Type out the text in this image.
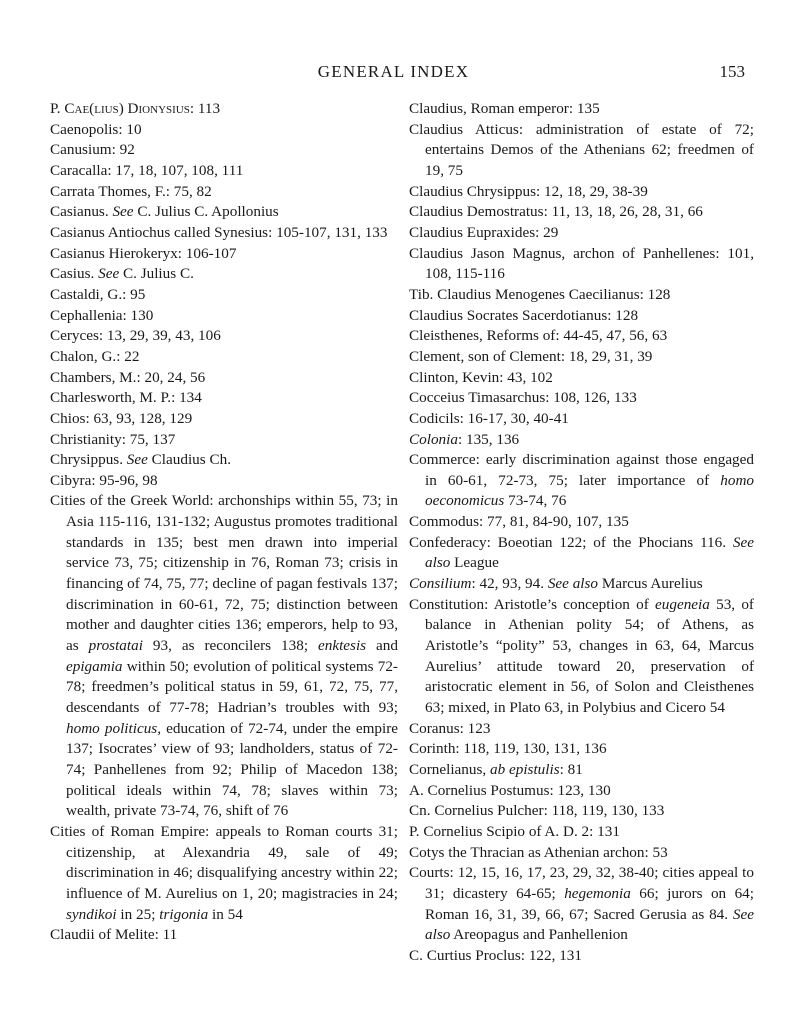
GENERAL INDEX	153

P. Cae(lius) Dionysius: 113

Caenopolis: 10

Canusium: 92

Caracalla: 17, 18, 107, 108, 111

Carrata Thomes, F.: 75, 82

Casianus. See C. Julius C. Apollonius

Casianus Antiochus called Synesius: 105-107, 131, 133

Casianus Hierokeryx: 106-107

Casius. See C. Julius C.

Castaldi, G.: 95

Cephallenia: 130

Ceryces: 13, 29, 39, 43, 106

Chalon, G.: 22

Chambers, M.: 20, 24, 56

Charlesworth, M. P.: 134

Chios: 63, 93, 128, 129

Christianity: 75, 137

Chrysippus. See Claudius Ch.

Cibyra: 95-96, 98

Cities of the Greek World: archonships within 55, 73; in Asia 115-116, 131-132; Augustus promotes traditional standards in 135; best men drawn into imperial service 73, 75; citizenship in 76, Roman 73; crisis in financing of 74, 75, 77; decline of pagan festivals 137; discrimination in 60-61, 72, 75; distinction between mother and daughter cities 136; emperors, help to 93, as prostatai 93, as reconcilers 138; enktesis and epigamia within 50; evolution of political systems 72-78; freedmen’s political status in 59, 61, 72, 75, 77, descendants of 77-78; Hadrian’s troubles with 93; homo politicus, education of 72-74, under the empire 137; Isocrates’ view of 93; landholders, status of 72-74; Panhellenes from 92; Philip of Macedon 138; political ideals within 74, 78; slaves within 73; wealth, private 73-74, 76, shift of 76

Cities of Roman Empire: appeals to Roman courts 31; citizenship, at Alexandria 49, sale of 49; discrimination in 46; disqualifying ancestry within 22; influence of M. Aurelius on 1, 20; magistracies in 24; syndikoi in 25; trigonia in 54

Claudii of Melite: 11

Claudius, Roman emperor: 135

Claudius Atticus: administration of estate of 72; entertains Demos of the Athenians 62; freedmen of 19, 75

Claudius Chrysippus: 12, 18, 29, 38-39

Claudius Demostratus: 11, 13, 18, 26, 28, 31, 66

Claudius Eupraxides: 29

Claudius Jason Magnus, archon of Panhellenes: 101, 108, 115-116

Tib. Claudius Menogenes Caecilianus: 128

Claudius Socrates Sacerdotianus: 128

Cleisthenes, Reforms of: 44-45, 47, 56, 63

Clement, son of Clement: 18, 29, 31, 39

Clinton, Kevin: 43, 102

Cocceius Timasarchus: 108, 126, 133

Codicils: 16-17, 30, 40-41

Colonia: 135, 136

Commerce: early discrimination against those engaged in 60-61, 72-73, 75; later importance of homo oeconomicus 73-74, 76

Commodus: 77, 81, 84-90, 107, 135

Confederacy: Boeotian 122; of the Phocians 116. See also League

Consilium: 42, 93, 94. See also Marcus Aurelius

Constitution: Aristotle’s conception of eugeneia 53, of balance in Athenian polity 54; of Athens, as Aristotle’s “polity” 53, changes in 63, 64, Marcus Aurelius’ attitude toward 20, preservation of aristocratic element in 56, of Solon and Cleisthenes 63; mixed, in Plato 63, in Polybius and Cicero 54

Coranus: 123

Corinth: 118, 119, 130, 131, 136

Cornelianus, ab epistulis: 81

A. Cornelius Postumus: 123, 130

Cn. Cornelius Pulcher: 118, 119, 130, 133

P. Cornelius Scipio of A. D. 2: 131

Cotys the Thracian as Athenian archon: 53

Courts: 12, 15, 16, 17, 23, 29, 32, 38-40; cities appeal to 31; dicastery 64-65; hegemonia 66; jurors on 64; Roman 16, 31, 39, 66, 67; Sacred Gerusia as 84. See also Areopagus and Panhellenion

C. Curtius Proclus: 122, 131
